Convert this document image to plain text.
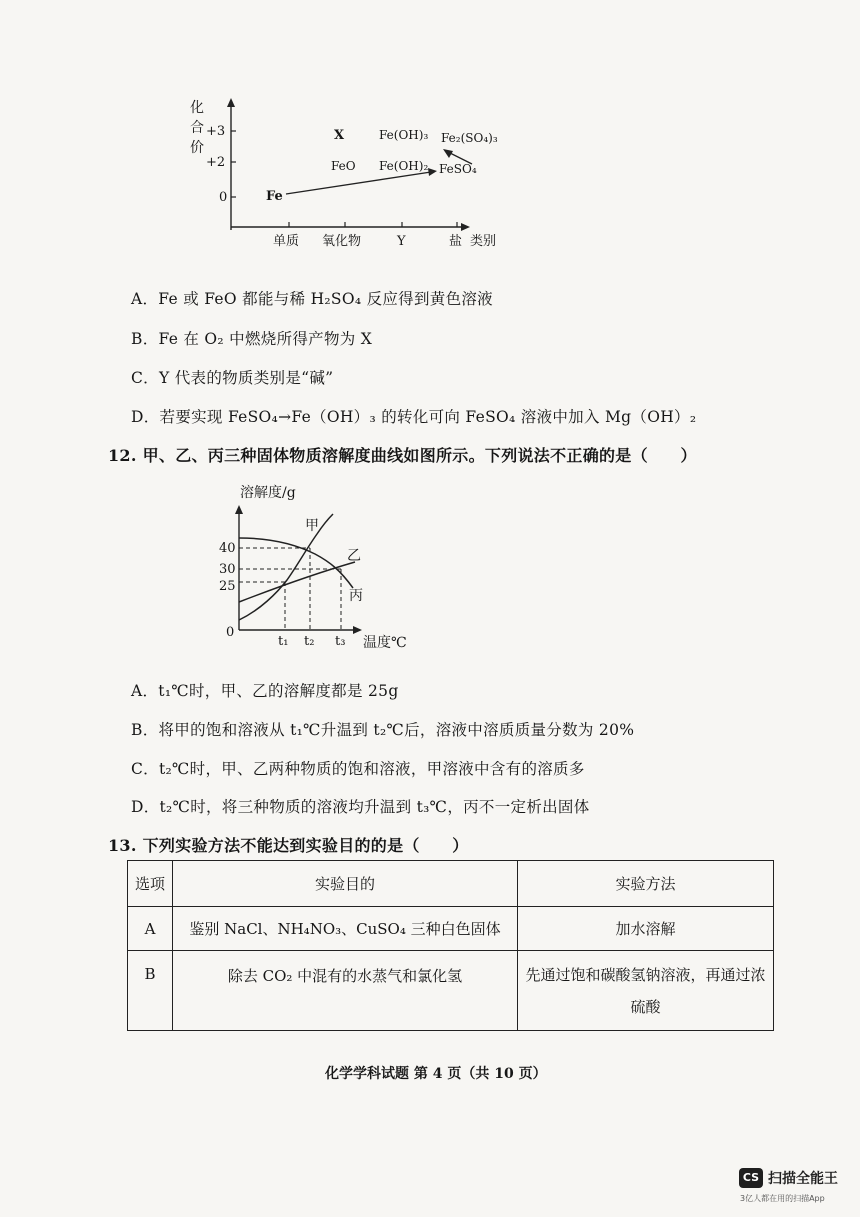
化
合
价
+3
+2
0
单质 氧化物	Y	盐 类别
X	Fe(OH)₃ Fe₂(SO₄)₃
FeO Fe(OH)₂ FeSO₄
Fe
A．Fe 或 FeO 都能与稀 H₂SO₄ 反应得到黄色溶液
B．Fe 在 O₂ 中燃烧所得产物为 X
C．Y 代表的物质类别是“碱”
D．若要实现 FeSO₄→Fe（OH）₃ 的转化可向 FeSO₄ 溶液中加入 Mg（OH）₂
12. 甲、乙、丙三种固体物质溶解度曲线如图所示。下列说法不正确的是（　　）
溶解度/g
温度℃
0
40
30
25
甲
乙
丙
t₁ t₂ t₃
A．t₁℃时，甲、乙的溶解度都是 25g
B．将甲的饱和溶液从 t₁℃升温到 t₂℃后，溶液中溶质质量分数为 20%
C．t₂℃时，甲、乙两种物质的饱和溶液，甲溶液中含有的溶质多
D．t₂℃时，将三种物质的溶液均升温到 t₃℃，丙不一定析出固体
13. 下列实验方法不能达到实验目的的是（　　）
选项	实验目的	实验方法
A	鉴别 NaCl、NH₄NO₃、CuSO₄ 三种白色固体	加水溶解
B	除去 CO₂ 中混有的水蒸气和氯化氢	先通过饱和碳酸氢钠溶液，再通过浓硫酸
化学学科试题 第 4 页（共 10 页）
CS 扫描全能王
3亿人都在用的扫描App
